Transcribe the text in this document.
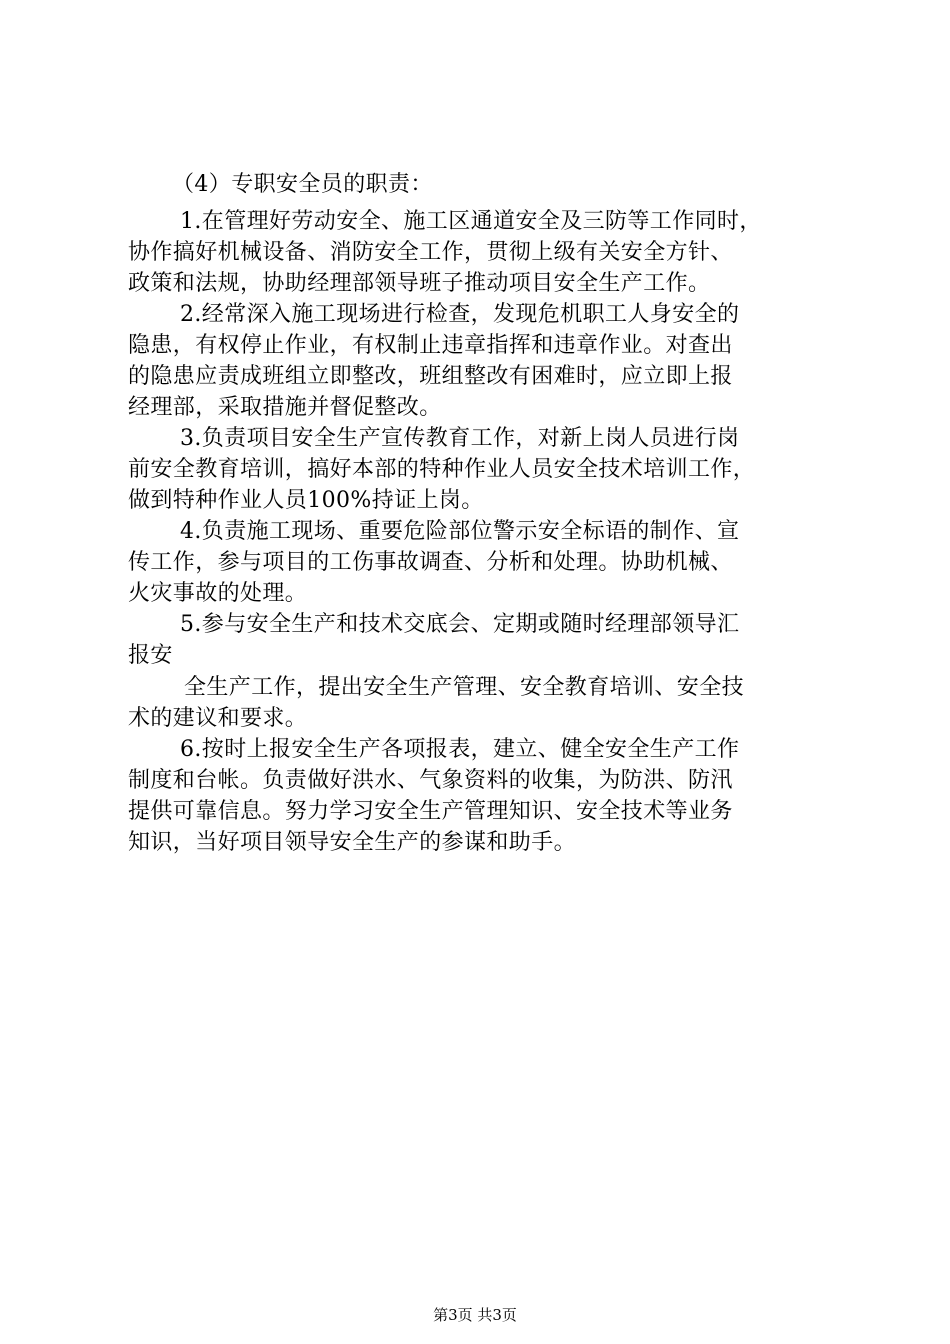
（4）专职安全员的职责：
1.在管理好劳动安全、施工区通道安全及三防等工作同时，
协作搞好机械设备、消防安全工作，贯彻上级有关安全方针、
政策和法规，协助经理部领导班子推动项目安全生产工作。
2.经常深入施工现场进行检查，发现危机职工人身安全的
隐患，有权停止作业，有权制止违章指挥和违章作业。对查出
的隐患应责成班组立即整改，班组整改有困难时，应立即上报
经理部，采取措施并督促整改。
3.负责项目安全生产宣传教育工作，对新上岗人员进行岗
前安全教育培训，搞好本部的特种作业人员安全技术培训工作，
做到特种作业人员100%持证上岗。
4.负责施工现场、重要危险部位警示安全标语的制作、宣
传工作，参与项目的工伤事故调查、分析和处理。协助机械、
火灾事故的处理。
5.参与安全生产和技术交底会、定期或随时经理部领导汇
报安
全生产工作，提出安全生产管理、安全教育培训、安全技
术的建议和要求。
6.按时上报安全生产各项报表，建立、健全安全生产工作
制度和台帐。负责做好洪水、气象资料的收集，为防洪、防汛
提供可靠信息。努力学习安全生产管理知识、安全技术等业务
知识，当好项目领导安全生产的参谋和助手。
第3页 共3页
